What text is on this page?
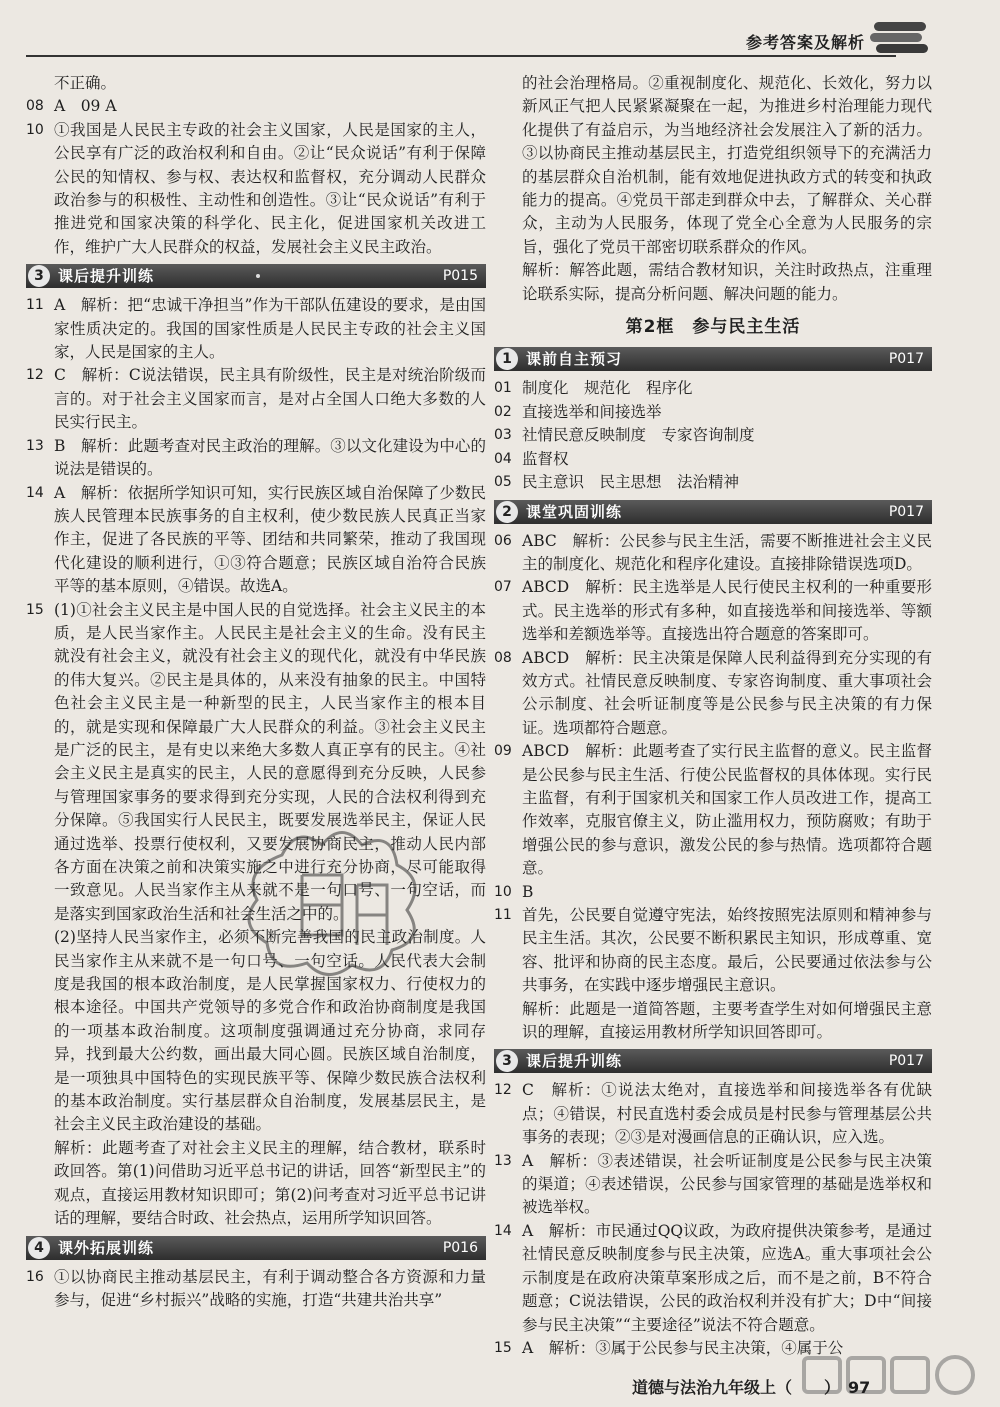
参考答案及解析
不正确。
08 A　09 A
10 ①我国是人民民主专政的社会主义国家，人民是国家的主人，公民享有广泛的政治权利和自由。②让“民众说话”有利于保障公民的知情权、参与权、表达权和监督权，充分调动人民群众政治参与的积极性、主动性和创造性。③让“民众说话”有利于推进党和国家决策的科学化、民主化，促进国家机关改进工作，维护广大人民群众的权益，发展社会主义民主政治。
3 课后提升训练	P015
11 A　解析：把“忠诚干净担当”作为干部队伍建设的要求，是由国家性质决定的。我国的国家性质是人民民主专政的社会主义国家，人民是国家的主人。
12 C　解析：C说法错误，民主具有阶级性，民主是对统治阶级而言的。对于社会主义国家而言，是对占全国人口绝大多数的人民实行民主。
13 B　解析：此题考查对民主政治的理解。③以文化建设为中心的说法是错误的。
14 A　解析：依据所学知识可知，实行民族区域自治保障了少数民族人民管理本民族事务的自主权利，使少数民族人民真正当家作主，促进了各民族的平等、团结和共同繁荣，推动了我国现代化建设的顺利进行，①③符合题意；民族区域自治符合民族平等的基本原则，④错误。故选A。
15 (1)①社会主义民主是中国人民的自觉选择。社会主义民主的本质，是人民当家作主。人民民主是社会主义的生命。没有民主就没有社会主义，就没有社会主义的现代化，就没有中华民族的伟大复兴。②民主是具体的，从来没有抽象的民主。中国特色社会主义民主是一种新型的民主，人民当家作主的根本目的，就是实现和保障最广大人民群众的利益。③社会主义民主是广泛的民主，是有史以来绝大多数人真正享有的民主。④社会主义民主是真实的民主，人民的意愿得到充分反映，人民参与管理国家事务的要求得到充分实现，人民的合法权利得到充分保障。⑤我国实行人民民主，既要发展选举民主，保证人民通过选举、投票行使权利，又要发展协商民主，推动人民内部各方面在决策之前和决策实施之中进行充分协商，尽可能取得一致意见。人民当家作主从来就不是一句口号、一句空话，而是落实到国家政治生活和社会生活之中的。
(2)坚持人民当家作主，必须不断完善我国的民主政治制度。人民当家作主从来就不是一句口号、一句空话。人民代表大会制度是我国的根本政治制度，是人民掌握国家权力、行使权力的根本途径。中国共产党领导的多党合作和政治协商制度是我国的一项基本政治制度。这项制度强调通过充分协商，求同存异，找到最大公约数，画出最大同心圆。民族区域自治制度，是一项独具中国特色的实现民族平等、保障少数民族合法权利的基本政治制度。实行基层群众自治制度，发展基层民主，是社会主义民主政治建设的基础。
解析：此题考查了对社会主义民主的理解，结合教材，联系时政回答。第(1)问借助习近平总书记的讲话，回答“新型民主”的观点，直接运用教材知识即可；第(2)问考查对习近平总书记讲话的理解，要结合时政、社会热点，运用所学知识回答。
4 课外拓展训练	P016
16 ①以协商民主推动基层民主，有利于调动整合各方资源和力量参与，促进“乡村振兴”战略的实施，打造“共建共治共享”
的社会治理格局。②重视制度化、规范化、长效化，努力以新风正气把人民紧紧凝聚在一起，为推进乡村治理能力现代化提供了有益启示，为当地经济社会发展注入了新的活力。③以协商民主推动基层民主，打造党组织领导下的充满活力的基层群众自治机制，能有效地促进执政方式的转变和执政能力的提高。④党员干部走到群众中去，了解群众、关心群众，主动为人民服务，体现了党全心全意为人民服务的宗旨，强化了党员干部密切联系群众的作风。
解析：解答此题，需结合教材知识，关注时政热点，注重理论联系实际，提高分析问题、解决问题的能力。
第2框　参与民主生活
1 课前自主预习	P017
01 制度化　规范化　程序化
02 直接选举和间接选举
03 社情民意反映制度　专家咨询制度
04 监督权
05 民主意识　民主思想　法治精神
2 课堂巩固训练	P017
06 ABC　解析：公民参与民主生活，需要不断推进社会主义民主的制度化、规范化和程序化建设。直接排除错误选项D。
07 ABCD　解析：民主选举是人民行使民主权利的一种重要形式。民主选举的形式有多种，如直接选举和间接选举、等额选举和差额选举等。直接选出符合题意的答案即可。
08 ABCD　解析：民主决策是保障人民利益得到充分实现的有效方式。社情民意反映制度、专家咨询制度、重大事项社会公示制度、社会听证制度等是公民参与民主决策的有力保证。选项都符合题意。
09 ABCD　解析：此题考查了实行民主监督的意义。民主监督是公民参与民主生活、行使公民监督权的具体体现。实行民主监督，有利于国家机关和国家工作人员改进工作，提高工作效率，克服官僚主义，防止滥用权力，预防腐败；有助于增强公民的参与意识，激发公民的参与热情。选项都符合题意。
10 B
11 首先，公民要自觉遵守宪法，始终按照宪法原则和精神参与民主生活。其次，公民要不断积累民主知识，形成尊重、宽容、批评和协商的民主态度。最后，公民要通过依法参与公共事务，在实践中逐步增强民主意识。
解析：此题是一道简答题，主要考查学生对如何增强民主意识的理解，直接运用教材所学知识回答即可。
3 课后提升训练	P017
12 C　解析：①说法太绝对，直接选举和间接选举各有优缺点；④错误，村民直选村委会成员是村民参与管理基层公共事务的表现；②③是对漫画信息的正确认识，应入选。
13 A　解析：③表述错误，社会听证制度是公民参与民主决策的渠道；④表述错误，公民参与国家管理的基础是选举权和被选举权。
14 A　解析：市民通过QQ议政，为政府提供决策参考，是通过社情民意反映制度参与民主决策，应选A。重大事项社会公示制度是在政府决策草案形成之后，而不是之前，B不符合题意；C说法错误，公民的政治权利并没有扩大；D中“间接参与民主决策”“主要途径”说法不符合题意。
15 A　解析：③属于公民参与民主决策，④属于公
道德与法治九年级上（　　）　97
